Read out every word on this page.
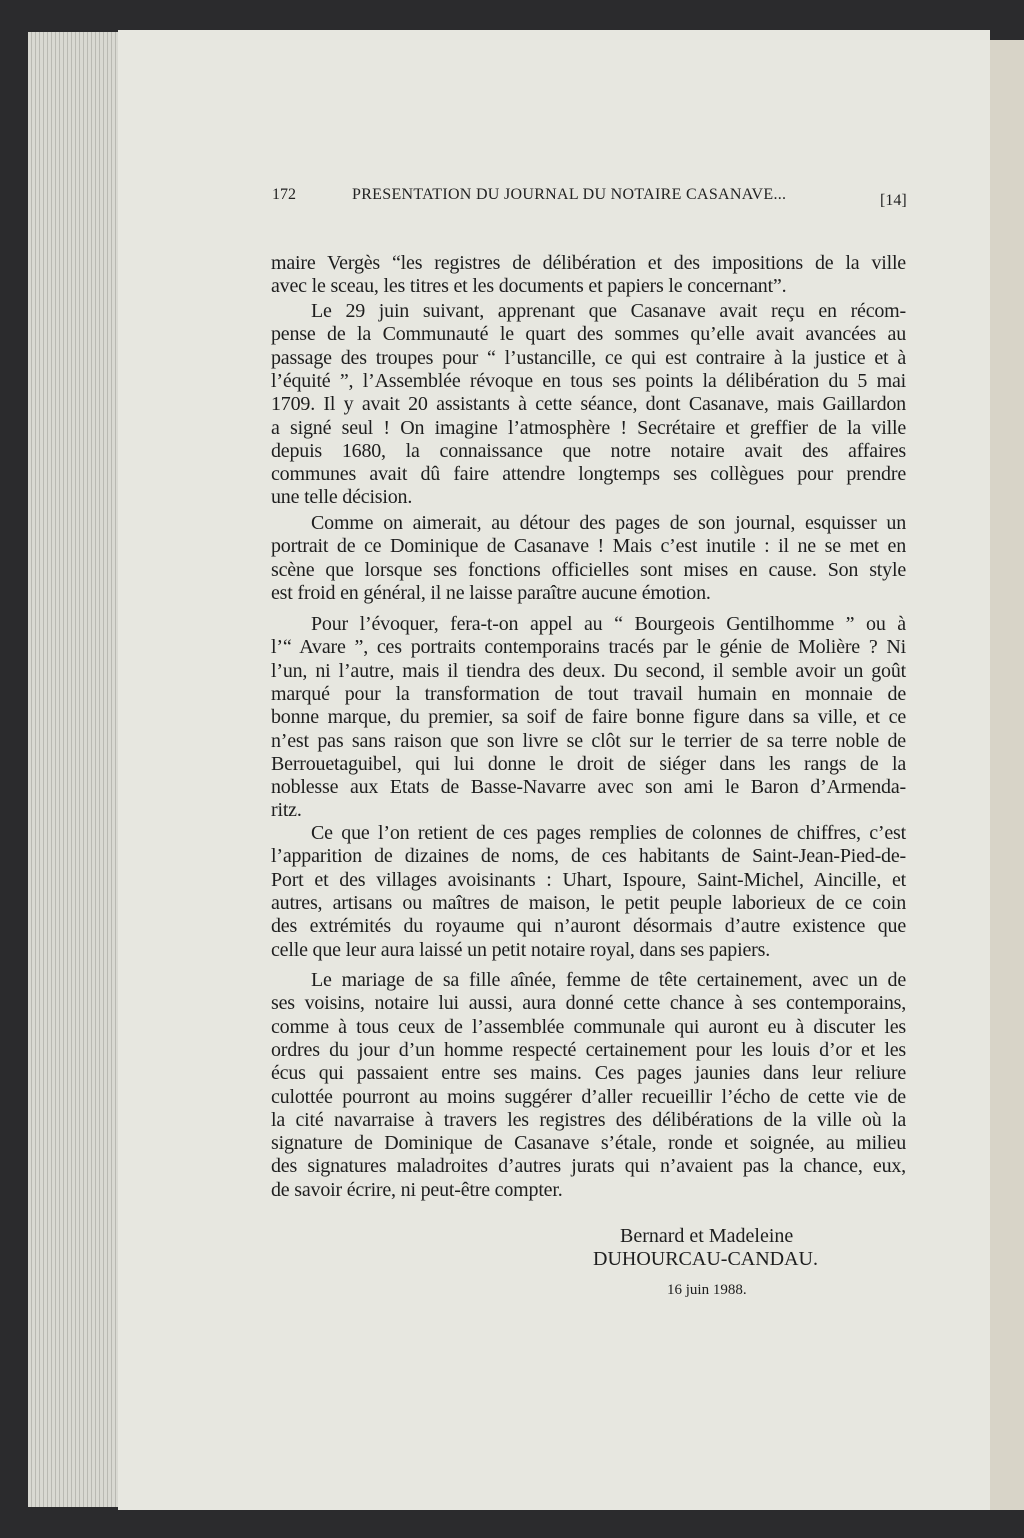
172	PRESENTATION DU JOURNAL DU NOTAIRE CASANAVE...	[14]
maire Vergès “les registres de délibération et des impositions de la ville
avec le sceau, les titres et les documents et papiers le concernant”.
Le 29 juin suivant, apprenant que Casanave avait reçu en récom-
pense de la Communauté le quart des sommes qu’elle avait avancées au
passage des troupes pour “ l’ustancille, ce qui est contraire à la justice et à
l’équité ”, l’Assemblée révoque en tous ses points la délibération du 5 mai
1709. Il y avait 20 assistants à cette séance, dont Casanave, mais Gaillardon
a signé seul ! On imagine l’atmosphère ! Secrétaire et greffier de la ville
depuis 1680, la connaissance que notre notaire avait des affaires
communes avait dû faire attendre longtemps ses collègues pour prendre
une telle décision.
Comme on aimerait, au détour des pages de son journal, esquisser un
portrait de ce Dominique de Casanave ! Mais c’est inutile : il ne se met en
scène que lorsque ses fonctions officielles sont mises en cause. Son style
est froid en général, il ne laisse paraître aucune émotion.
Pour l’évoquer, fera-t-on appel au “ Bourgeois Gentilhomme ” ou à
l’“ Avare ”, ces portraits contemporains tracés par le génie de Molière ? Ni
l’un, ni l’autre, mais il tiendra des deux. Du second, il semble avoir un goût
marqué pour la transformation de tout travail humain en monnaie de
bonne marque, du premier, sa soif de faire bonne figure dans sa ville, et ce
n’est pas sans raison que son livre se clôt sur le terrier de sa terre noble de
Berrouetaguibel, qui lui donne le droit de siéger dans les rangs de la
noblesse aux Etats de Basse-Navarre avec son ami le Baron d’Armenda-
ritz.
Ce que l’on retient de ces pages remplies de colonnes de chiffres, c’est
l’apparition de dizaines de noms, de ces habitants de Saint-Jean-Pied-de-
Port et des villages avoisinants : Uhart, Ispoure, Saint-Michel, Aincille, et
autres, artisans ou maîtres de maison, le petit peuple laborieux de ce coin
des extrémités du royaume qui n’auront désormais d’autre existence que
celle que leur aura laissé un petit notaire royal, dans ses papiers.
Le mariage de sa fille aînée, femme de tête certainement, avec un de
ses voisins, notaire lui aussi, aura donné cette chance à ses contemporains,
comme à tous ceux de l’assemblée communale qui auront eu à discuter les
ordres du jour d’un homme respecté certainement pour les louis d’or et les
écus qui passaient entre ses mains. Ces pages jaunies dans leur reliure
culottée pourront au moins suggérer d’aller recueillir l’écho de cette vie de
la cité navarraise à travers les registres des délibérations de la ville où la
signature de Dominique de Casanave s’étale, ronde et soignée, au milieu
des signatures maladroites d’autres jurats qui n’avaient pas la chance, eux,
de savoir écrire, ni peut-être compter.
Bernard et Madeleine
DUHOURCAU-CANDAU.
16 juin 1988.
